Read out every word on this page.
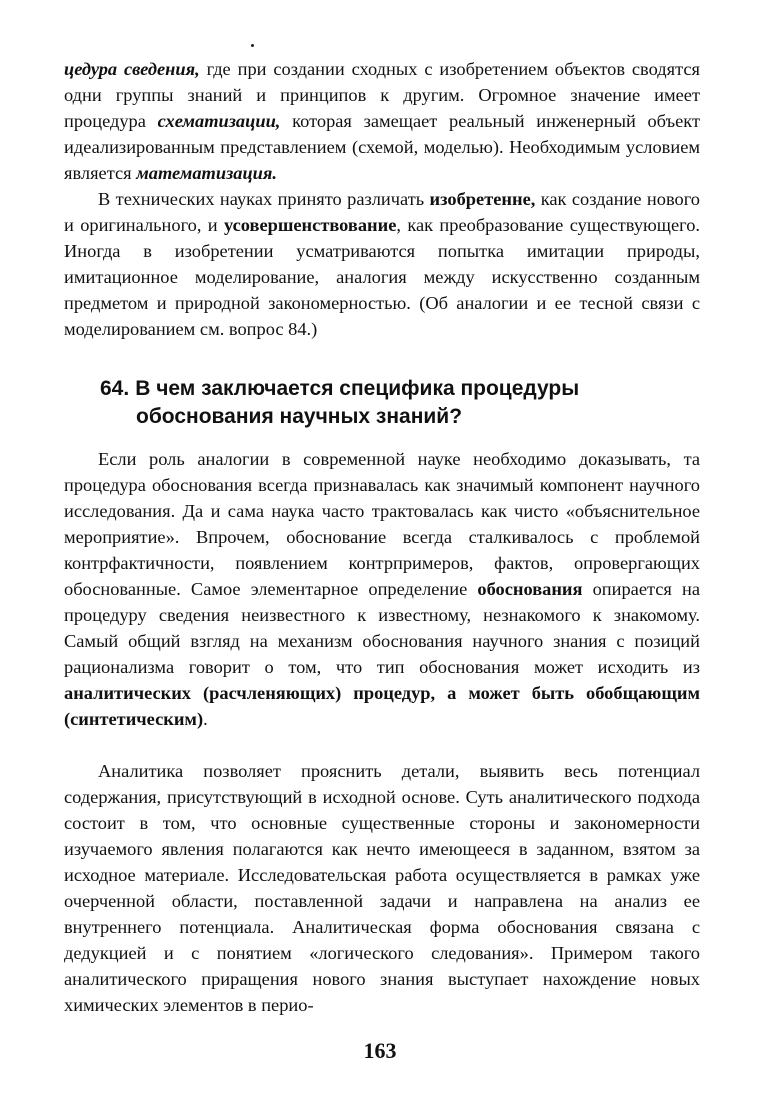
цедура сведения, где при создании сходных с изобретением объектов сводятся одни группы знаний и принципов к другим. Огромное значение имеет процедура схематизации, которая замещает реальный инженерный объект идеализированным представлением (схемой, моделью). Необходимым условием является математизация.

В технических науках принято различать изобретенне, как создание нового и оригинального, и усовершенствование, как преобразование существующего. Иногда в изобретении усматриваются попытка имитации природы, имитационное моделирование, аналогия между искусственно созданным предметом и природной закономерностью. (Об аналогии и ее тесной связи с моделированием см. вопрос 84.)

64. В чем заключается специфика процедуры
обоснования научных знаний?

Если роль аналогии в современной науке необходимо доказывать, та процедура обоснования всегда признавалась как значимый компонент научного исследования. Да и сама наука часто трактовалась как чисто «объяснительное мероприятие». Впрочем, обоснование всегда сталкивалось с проблемой контрфактичности, появлением контрпримеров, фактов, опровергающих обоснованные. Самое элементарное определение обоснования опирается на процедуру сведения неизвестного к известному, незнакомого к знакомому. Самый общий взгляд на механизм обоснования научного знания с позиций рационализма говорит о том, что тип обоснования может исходить из аналитических (расчленяющих) процедур, а может быть обобщающим (синтетическим).

Аналитика позволяет прояснить детали, выявить весь потенциал содержания, присутствующий в исходной основе. Суть аналитического подхода состоит в том, что основные существенные стороны и закономерности изучаемого явления полагаются как нечто имеющееся в заданном, взятом за исходное материале. Исследовательская работа осуществляется в рамках уже очерченной области, поставленной задачи и направлена на анализ ее внутреннего потенциала. Аналитическая форма обоснования связана с дедукцией и с понятием «логического следования». Примером такого аналитического приращения нового знания выступает нахождение новых химических элементов в перио-

163
